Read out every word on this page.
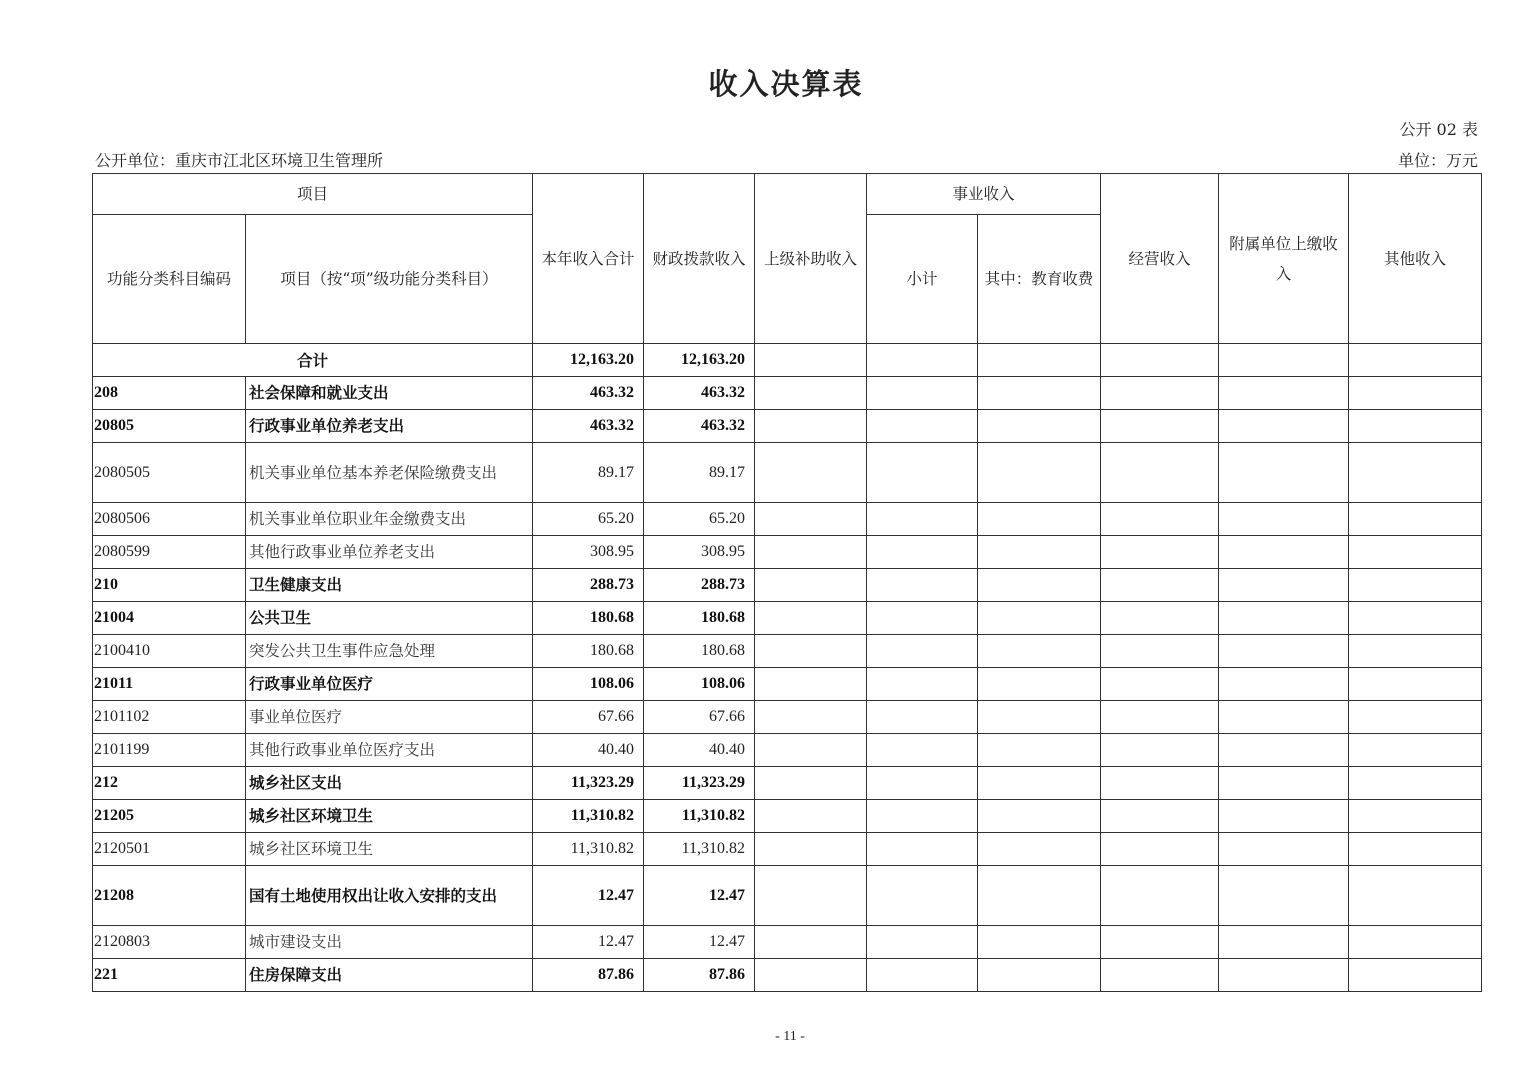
收入决算表
公开 02 表
公开单位：重庆市江北区环境卫生管理所	单位：万元
项目		本年收入合计	财政拨款收入	上级补助收入	事业收入		经营收入	附属单位上缴收入	其他收入
功能分类科目编码	项目（按“项”级功能分类科目）				小计	其中：教育收费			
合计		12,163.20	12,163.20						
208	社会保障和就业支出	463.32	463.32						
20805	行政事业单位养老支出	463.32	463.32						
2080505	机关事业单位基本养老保险缴费支出	89.17	89.17						
2080506	机关事业单位职业年金缴费支出	65.20	65.20						
2080599	其他行政事业单位养老支出	308.95	308.95						
210	卫生健康支出	288.73	288.73						
21004	公共卫生	180.68	180.68						
2100410	突发公共卫生事件应急处理	180.68	180.68						
21011	行政事业单位医疗	108.06	108.06						
2101102	事业单位医疗	67.66	67.66						
2101199	其他行政事业单位医疗支出	40.40	40.40						
212	城乡社区支出	11,323.29	11,323.29						
21205	城乡社区环境卫生	11,310.82	11,310.82						
2120501	城乡社区环境卫生	11,310.82	11,310.82						
21208	国有土地使用权出让收入安排的支出	12.47	12.47						
2120803	城市建设支出	12.47	12.47						
221	住房保障支出	87.86	87.86						
- 11 -
